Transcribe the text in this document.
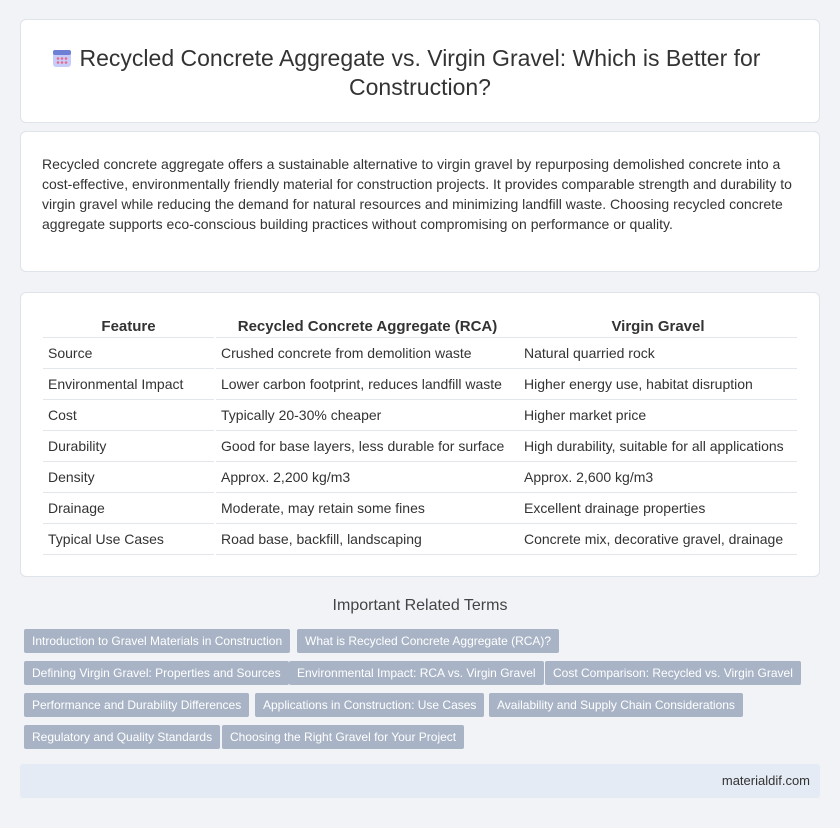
Recycled Concrete Aggregate vs. Virgin Gravel: Which is Better for Construction?

Recycled concrete aggregate offers a sustainable alternative to virgin gravel by repurposing demolished concrete into a cost-effective, environmentally friendly material for construction projects. It provides comparable strength and durability to virgin gravel while reducing the demand for natural resources and minimizing landfill waste. Choosing recycled concrete aggregate supports eco-conscious building practices without compromising on performance or quality.

Feature	Recycled Concrete Aggregate (RCA)	Virgin Gravel
Source	Crushed concrete from demolition waste	Natural quarried rock
Environmental Impact	Lower carbon footprint, reduces landfill waste	Higher energy use, habitat disruption
Cost	Typically 20-30% cheaper	Higher market price
Durability	Good for base layers, less durable for surface	High durability, suitable for all applications
Density	Approx. 2,200 kg/m3	Approx. 2,600 kg/m3
Drainage	Moderate, may retain some fines	Excellent drainage properties
Typical Use Cases	Road base, backfill, landscaping	Concrete mix, decorative gravel, drainage
Important Related Terms
Introduction to Gravel Materials in Construction	What is Recycled Concrete Aggregate (RCA)?
Defining Virgin Gravel: Properties and Sources	Environmental Impact: RCA vs. Virgin Gravel	Cost Comparison: Recycled vs. Virgin Gravel
Performance and Durability Differences	Applications in Construction: Use Cases	Availability and Supply Chain Considerations
Regulatory and Quality Standards	Choosing the Right Gravel for Your Project
materialdif.com
